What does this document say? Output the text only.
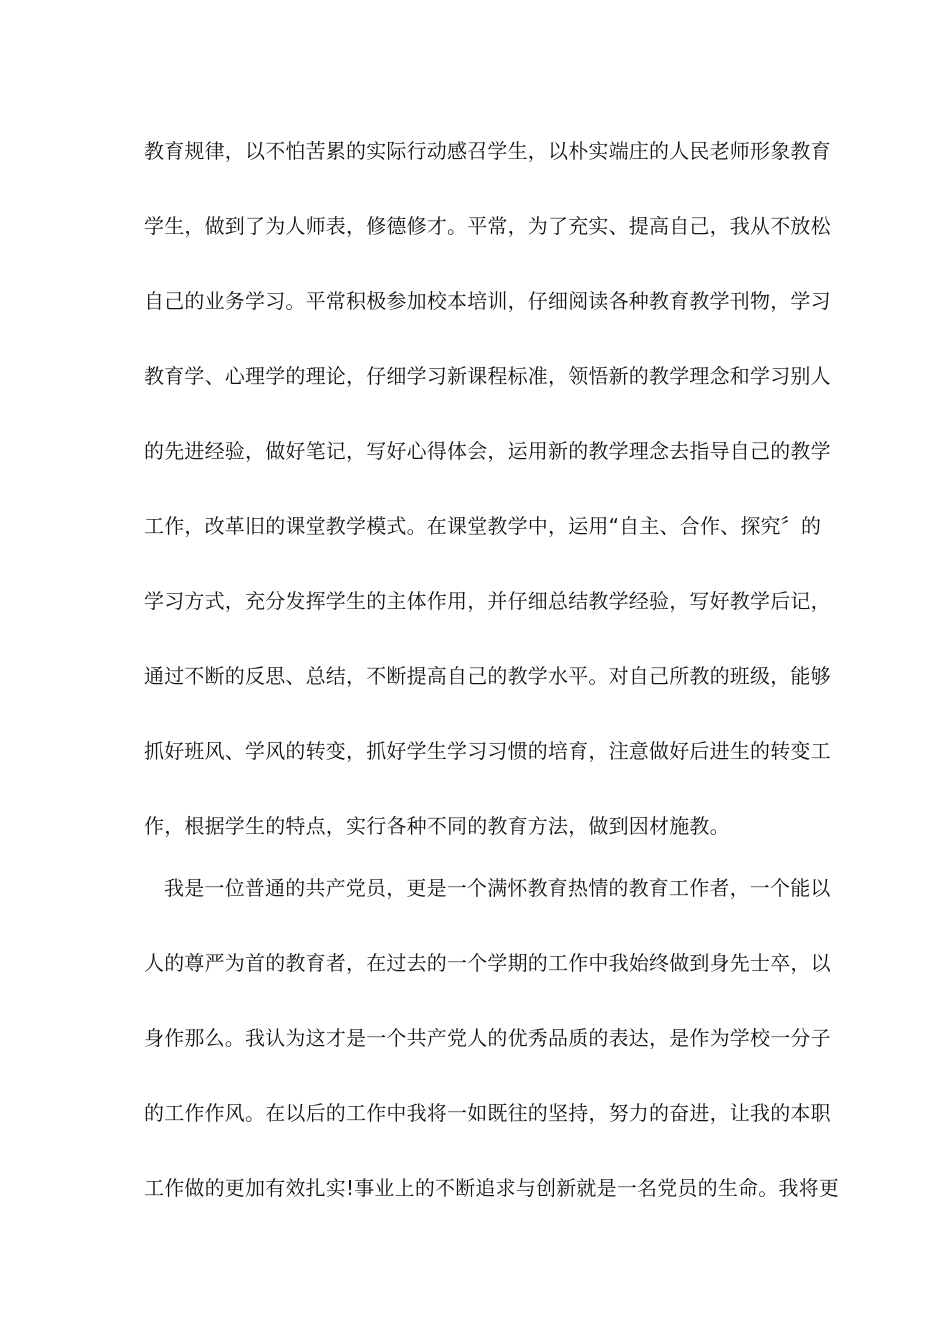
教育规律，以不怕苦累的实际行动感召学生，以朴实端庄的人民老师形象教育
学生，做到了为人师表，修德修才。平常，为了充实、提高自己，我从不放松
自己的业务学习。平常积极参加校本培训，仔细阅读各种教育教学刊物，学习
教育学、心理学的理论，仔细学习新课程标准，领悟新的教学理念和学习别人
的先进经验，做好笔记，写好心得体会，运用新的教学理念去指导自己的教学
工作，改革旧的课堂教学模式。在课堂教学中，运用“自主、合作、探究〞的
学习方式，充分发挥学生的主体作用，并仔细总结教学经验，写好教学后记，
通过不断的反思、总结，不断提高自己的教学水平。对自己所教的班级，能够
抓好班风、学风的转变，抓好学生学习习惯的培育，注意做好后进生的转变工
作，根据学生的特点，实行各种不同的教育方法，做到因材施教。
我是一位普通的共产党员，更是一个满怀教育热情的教育工作者，一个能以
人的尊严为首的教育者，在过去的一个学期的工作中我始终做到身先士卒，以
身作那么。我认为这才是一个共产党人的优秀品质的表达，是作为学校一分子
的工作作风。在以后的工作中我将一如既往的坚持，努力的奋进，让我的本职
工作做的更加有效扎实!事业上的不断追求与创新就是一名党员的生命。我将更
